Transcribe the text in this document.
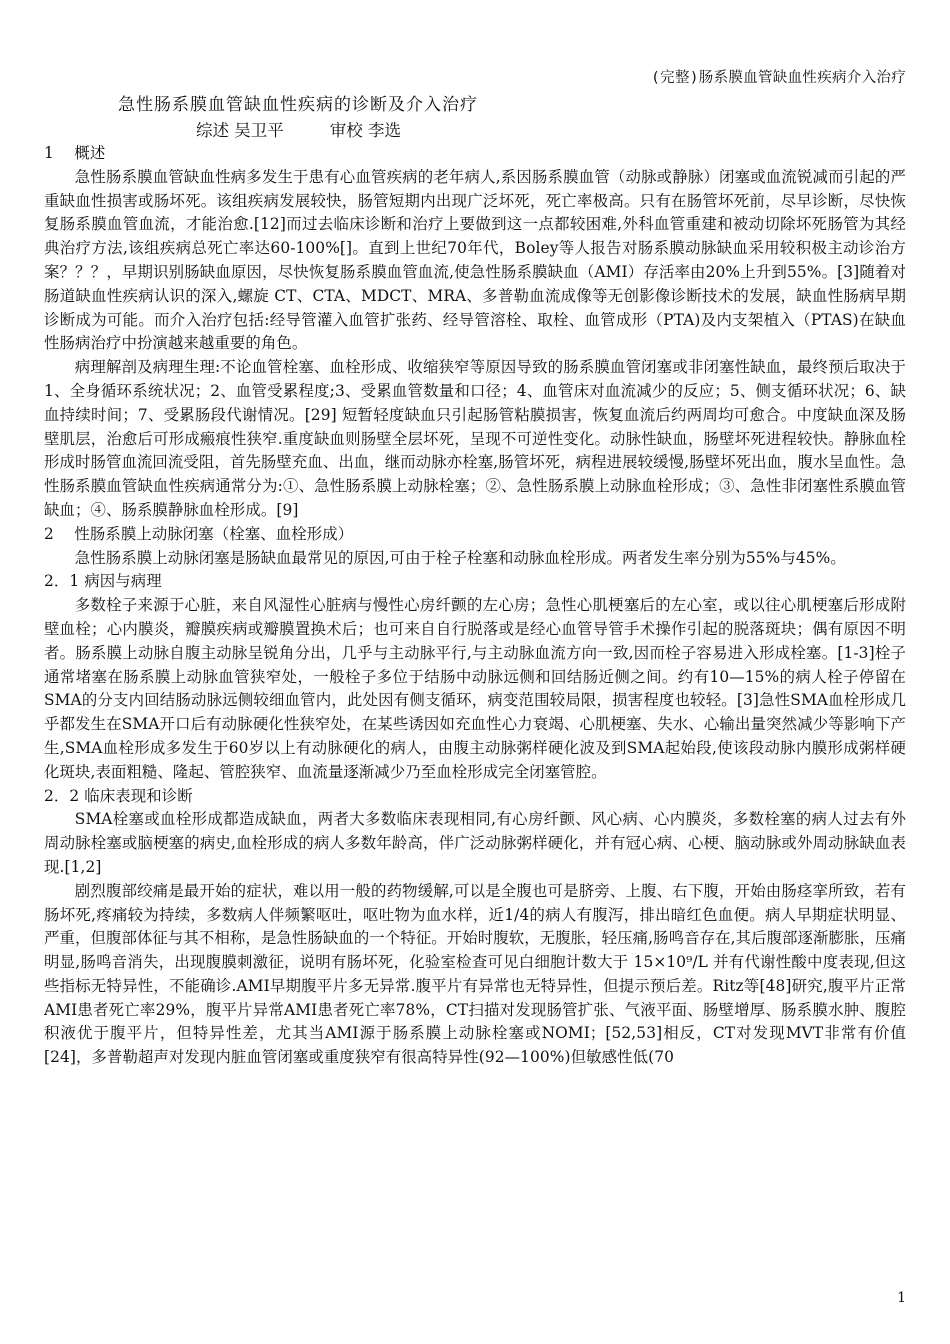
(完整)肠系膜血管缺血性疾病介入治疗
急性肠系膜血管缺血性疾病的诊断及介入治疗
综述 吴卫平	审校 李选
1　 概述

急性肠系膜血管缺血性病多发生于患有心血管疾病的老年病人,系因肠系膜血管（动脉或静脉）闭塞或血流锐减而引起的严重缺血性损害或肠坏死。该组疾病发展较快，肠管短期内出现广泛坏死，死亡率极高。只有在肠管坏死前，尽早诊断，尽快恢复肠系膜血管血流，才能治愈.[12]而过去临床诊断和治疗上要做到这一点都较困难,外科血管重建和被动切除坏死肠管为其经典治疗方法,该组疾病总死亡率达60-100%[]。直到上世纪70年代，Boley等人报告对肠系膜动脉缺血采用较积极主动诊治方案？？？，早期识别肠缺血原因，尽快恢复肠系膜血管血流,使急性肠系膜缺血（AMI）存活率由20%上升到55%。[3]随着对肠道缺血性疾病认识的深入,螺旋 CT、CTA、MDCT、MRA、多普勒血流成像等无创影像诊断技术的发展，缺血性肠病早期诊断成为可能。而介入治疗包括:经导管灌入血管扩张药、经导管溶栓、取栓、血管成形（PTA)及内支架植入（PTAS)在缺血性肠病治疗中扮演越来越重要的角色。

病理解剖及病理生理:不论血管栓塞、血栓形成、收缩狭窄等原因导致的肠系膜血管闭塞或非闭塞性缺血，最终预后取决于1、全身循环系统状况；2、血管受累程度;3、受累血管数量和口径；4、血管床对血流减少的反应；5、侧支循环状况；6、缺血持续时间；7、受累肠段代谢情况。[29] 短暂轻度缺血只引起肠管粘膜损害，恢复血流后约两周均可愈合。中度缺血深及肠壁肌层，治愈后可形成瘢痕性狭窄.重度缺血则肠壁全层坏死，呈现不可逆性变化。动脉性缺血，肠壁坏死进程较快。静脉血栓形成时肠管血流回流受阻，首先肠壁充血、出血，继而动脉亦栓塞,肠管坏死，病程进展较缓慢,肠壁坏死出血，腹水呈血性。急性肠系膜血管缺血性疾病通常分为:①、急性肠系膜上动脉栓塞；②、急性肠系膜上动脉血栓形成；③、急性非闭塞性系膜血管缺血；④、肠系膜静脉血栓形成。[9]

2　 性肠系膜上动脉闭塞（栓塞、血栓形成）

急性肠系膜上动脉闭塞是肠缺血最常见的原因,可由于栓子栓塞和动脉血栓形成。两者发生率分别为55%与45%。

2．1 病因与病理

多数栓子来源于心脏，来自风湿性心脏病与慢性心房纤颤的左心房；急性心肌梗塞后的左心室，或以往心肌梗塞后形成附壁血栓；心内膜炎，瓣膜疾病或瓣膜置换术后；也可来自自行脱落或是经心血管导管手术操作引起的脱落斑块；偶有原因不明者。肠系膜上动脉自腹主动脉呈锐角分出，几乎与主动脉平行,与主动脉血流方向一致,因而栓子容易进入形成栓塞。[1-3]栓子通常堵塞在肠系膜上动脉血管狭窄处，一般栓子多位于结肠中动脉远侧和回结肠近侧之间。约有10—15%的病人栓子停留在SMA的分支内回结肠动脉远侧较细血管内，此处因有侧支循环，病变范围较局限，损害程度也较轻。[3]急性SMA血栓形成几乎都发生在SMA开口后有动脉硬化性狭窄处，在某些诱因如充血性心力衰竭、心肌梗塞、失水、心输出量突然减少等影响下产生,SMA血栓形成多发生于60岁以上有动脉硬化的病人，由腹主动脉粥样硬化波及到SMA起始段,使该段动脉内膜形成粥样硬化斑块,表面粗糙、隆起、管腔狭窄、血流量逐渐减少乃至血栓形成完全闭塞管腔。

2．2 临床表现和诊断

SMA栓塞或血栓形成都造成缺血，两者大多数临床表现相同,有心房纤颤、风心病、心内膜炎，多数栓塞的病人过去有外周动脉栓塞或脑梗塞的病史,血栓形成的病人多数年龄高，伴广泛动脉粥样硬化，并有冠心病、心梗、脑动脉或外周动脉缺血表现.[1,2]

剧烈腹部绞痛是最开始的症状，难以用一般的药物缓解,可以是全腹也可是脐旁、上腹、右下腹，开始由肠痉挛所致，若有肠坏死,疼痛较为持续，多数病人伴频繁呕吐，呕吐物为血水样，近1/4的病人有腹泻，排出暗红色血便。病人早期症状明显、严重，但腹部体征与其不相称，是急性肠缺血的一个特征。开始时腹软，无腹胀，轻压痛,肠鸣音存在,其后腹部逐渐膨胀，压痛明显,肠鸣音消失，出现腹膜刺激征，说明有肠坏死，化验室检查可见白细胞计数大于 15×10⁹/L 并有代谢性酸中度表现,但这些指标无特异性，不能确诊.AMI早期腹平片多无异常.腹平片有异常也无特异性，但提示预后差。Ritz等[48]研究,腹平片正常AMI患者死亡率29%，腹平片异常AMI患者死亡率78%，CT扫描对发现肠管扩张、气液平面、肠壁增厚、肠系膜水肿、腹腔积液优于腹平片，但特异性差，尤其当AMI源于肠系膜上动脉栓塞或NOMI；[52,53]相反，CT对发现MVT非常有价值[24]，多普勒超声对发现内脏血管闭塞或重度狭窄有很高特异性(92—100%)但敏感性低(70

1
